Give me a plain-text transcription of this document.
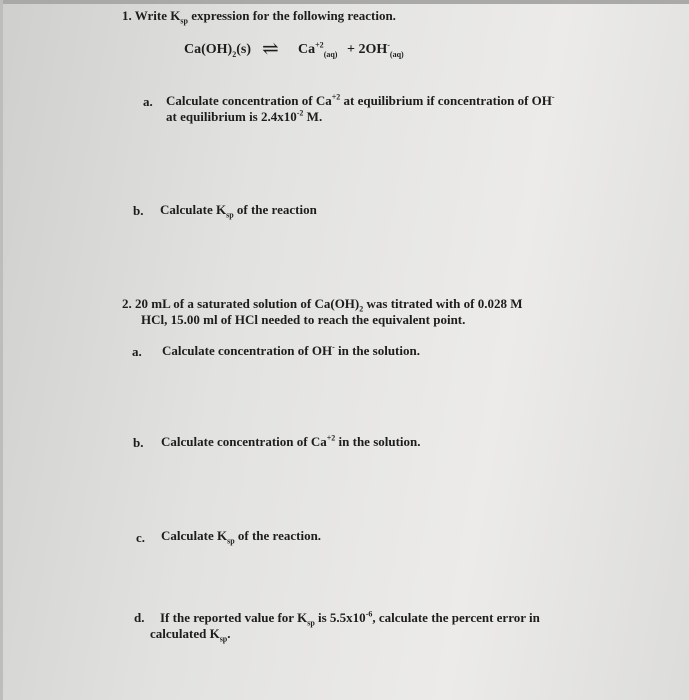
1. Write $K_{sp}$ expression for the following reaction.
$Ca(OH)_2(s)$ ⇌ $Ca^{+2}_{(aq)} + 2OH^-_{(aq)}$
a. Calculate concentration of $Ca^{+2}$ at equilibrium if concentration of OH-
at equilibrium is $2.4x10^{-2}$ M.
b. Calculate $K_{sp}$ of the reaction
2. 20 mL of a saturated solution of $Ca(OH)_2$ was titrated with of 0.028 M
HCl, 15.00 ml of HCl needed to reach the equivalent point.
a. Calculate concentration of OH- in the solution.
b. Calculate concentration of $Ca^{+2}$ in the solution.
c. Calculate $K_{sp}$ of the reaction.
d. If the reported value for $K_{sp}$ is $5.5x10^{-6}$, calculate the percent error in
calculated $K_{sp}$.
